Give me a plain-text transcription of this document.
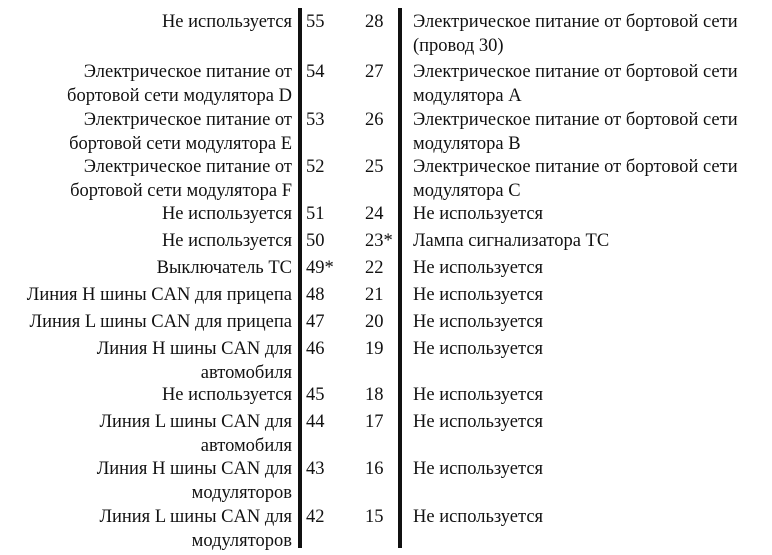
Не используется 55 28 Электрическое питание от бортовой сети
(провод 30)
Электрическое питание от
бортовой сети модулятора D
54 27 Электрическое питание от бортовой сети
модулятора A
Электрическое питание от
бортовой сети модулятора E
53 26 Электрическое питание от бортовой сети
модулятора B
Электрическое питание от
бортовой сети модулятора F
52 25 Электрическое питание от бортовой сети
модулятора C
Не используется 51 24 Не используется
Не используется 50 23* Лампа сигнализатора TC
Выключатель TC 49* 22 Не используется
Линия H шины CAN для прицепа 48 21 Не используется
Линия L шины CAN для прицепа 47 20 Не используется
Линия H шины CAN для
автомобиля
46 19 Не используется
Не используется 45 18 Не используется
Линия L шины CAN для
автомобиля
44 17 Не используется
Линия H шины CAN для
модуляторов
43 16 Не используется
Линия L шины CAN для
модуляторов
42 15 Не используется
